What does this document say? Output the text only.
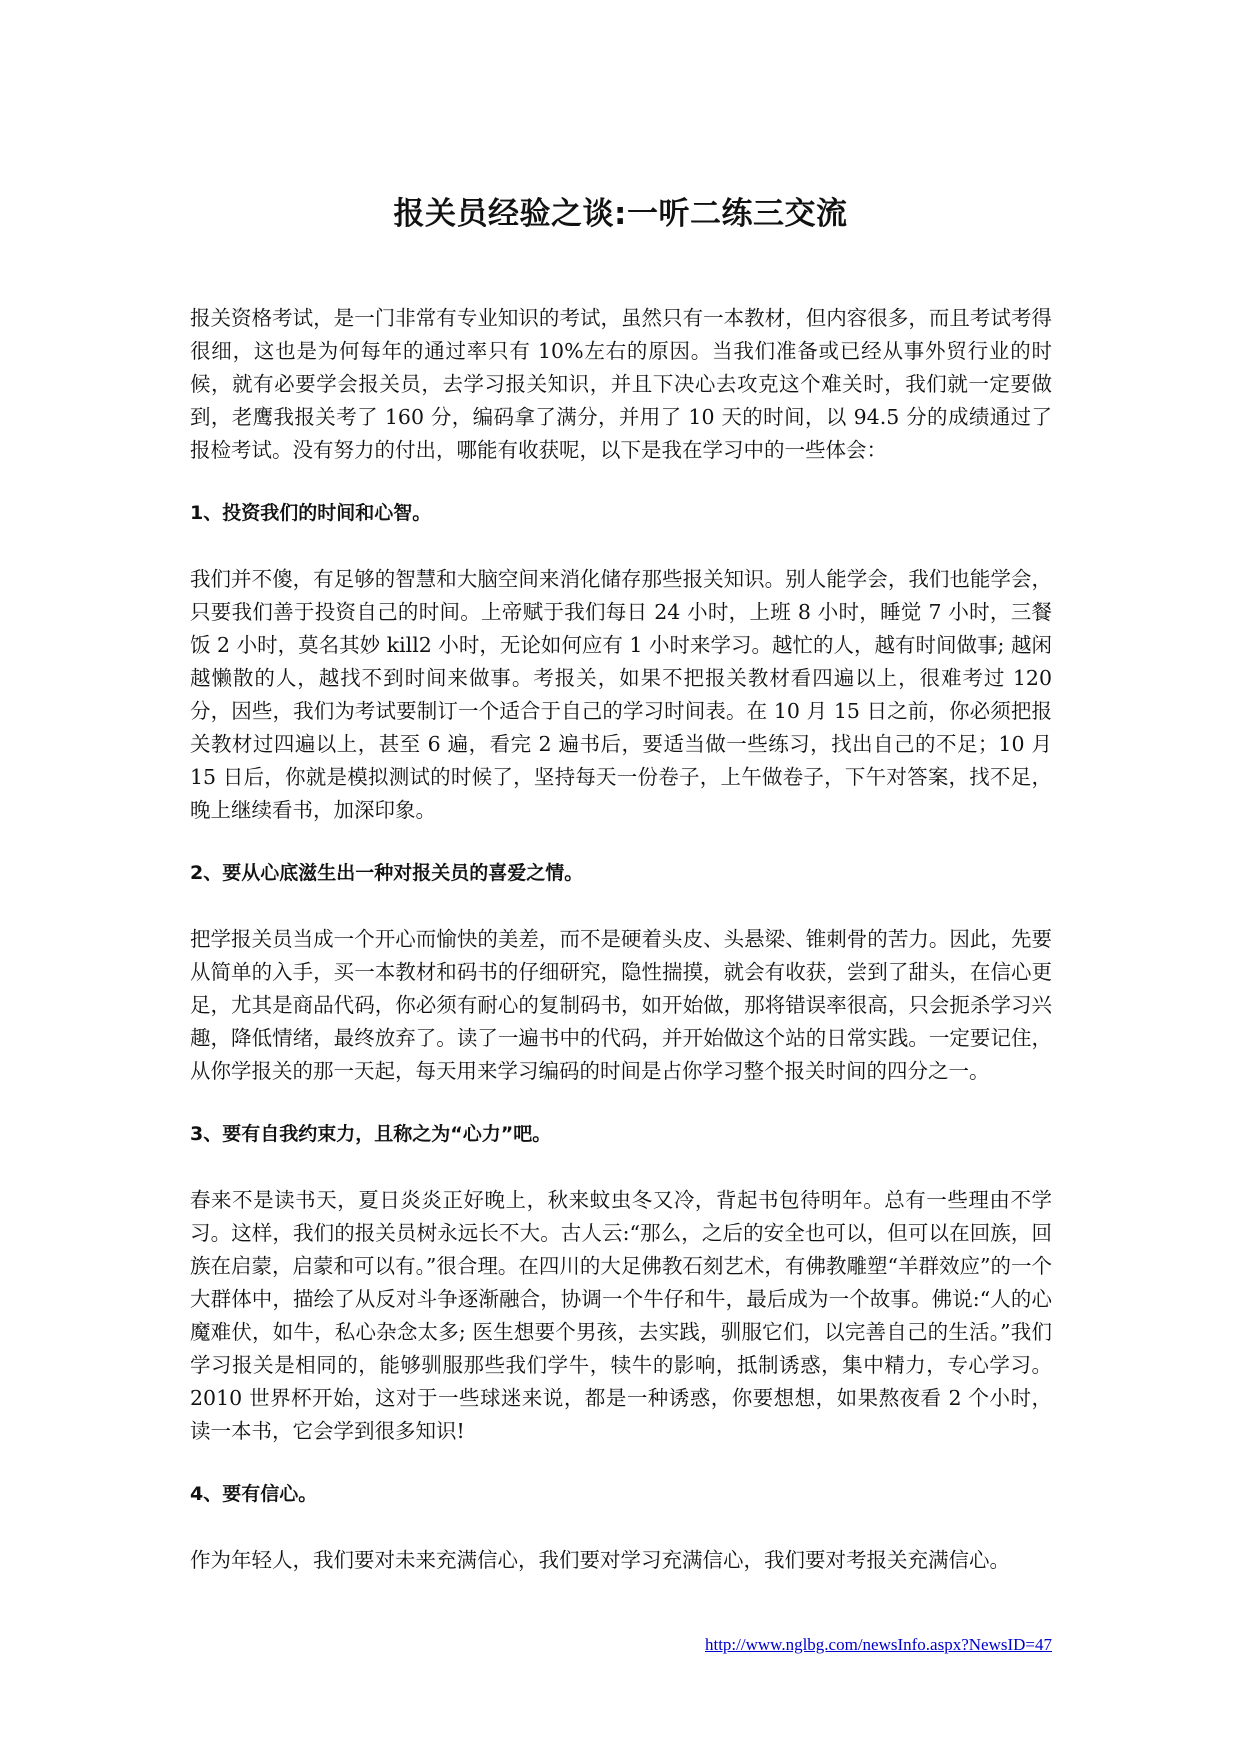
报关员经验之谈:一听二练三交流

报关资格考试，是一门非常有专业知识的考试，虽然只有一本教材，但内容很多，而且考试考得很细，这也是为何每年的通过率只有 10%左右的原因。当我们准备或已经从事外贸行业的时候，就有必要学会报关员，去学习报关知识，并且下决心去攻克这个难关时，我们就一定要做到，老鹰我报关考了 160 分，编码拿了满分，并用了 10 天的时间，以 94.5 分的成绩通过了报检考试。没有努力的付出，哪能有收获呢，以下是我在学习中的一些体会：

1、投资我们的时间和心智。

我们并不傻，有足够的智慧和大脑空间来消化储存那些报关知识。别人能学会，我们也能学会，只要我们善于投资自己的时间。上帝赋于我们每日 24 小时，上班 8 小时，睡觉 7 小时，三餐饭 2 小时，莫名其妙 kill2 小时，无论如何应有 1 小时来学习。越忙的人，越有时间做事; 越闲越懒散的人，越找不到时间来做事。考报关，如果不把报关教材看四遍以上，很难考过 120 分，因些，我们为考试要制订一个适合于自己的学习时间表。在 10 月 15 日之前，你必须把报关教材过四遍以上，甚至 6 遍，看完 2 遍书后，要适当做一些练习，找出自己的不足；10 月 15 日后，你就是模拟测试的时候了，坚持每天一份卷子，上午做卷子，下午对答案，找不足，晚上继续看书，加深印象。

2、要从心底滋生出一种对报关员的喜爱之情。

把学报关员当成一个开心而愉快的美差，而不是硬着头皮、头悬梁、锥刺骨的苦力。因此，先要从简单的入手，买一本教材和码书的仔细研究，隐性揣摸，就会有收获，尝到了甜头，在信心更足，尤其是商品代码，你必须有耐心的复制码书，如开始做，那将错误率很高，只会扼杀学习兴趣，降低情绪，最终放弃了。读了一遍书中的代码，并开始做这个站的日常实践。一定要记住，从你学报关的那一天起，每天用来学习编码的时间是占你学习整个报关时间的四分之一。

3、要有自我约束力，且称之为“心力”吧。

春来不是读书天，夏日炎炎正好晚上，秋来蚊虫冬又冷，背起书包待明年。总有一些理由不学习。这样，我们的报关员树永远长不大。古人云:“那么，之后的安全也可以，但可以在回族，回族在启蒙，启蒙和可以有。”很合理。在四川的大足佛教石刻艺术，有佛教雕塑“羊群效应”的一个大群体中，描绘了从反对斗争逐渐融合，协调一个牛仔和牛，最后成为一个故事。佛说:“人的心魔难伏，如牛，私心杂念太多; 医生想要个男孩，去实践，驯服它们，以完善自己的生活。”我们学习报关是相同的，能够驯服那些我们学牛，犊牛的影响，抵制诱惑，集中精力，专心学习。2010 世界杯开始，这对于一些球迷来说，都是一种诱惑，你要想想，如果熬夜看 2 个小时，读一本书，它会学到很多知识!

4、要有信心。

作为年轻人，我们要对未来充满信心，我们要对学习充满信心，我们要对考报关充满信心。

http://www.nglbg.com/newsInfo.aspx?NewsID=47
